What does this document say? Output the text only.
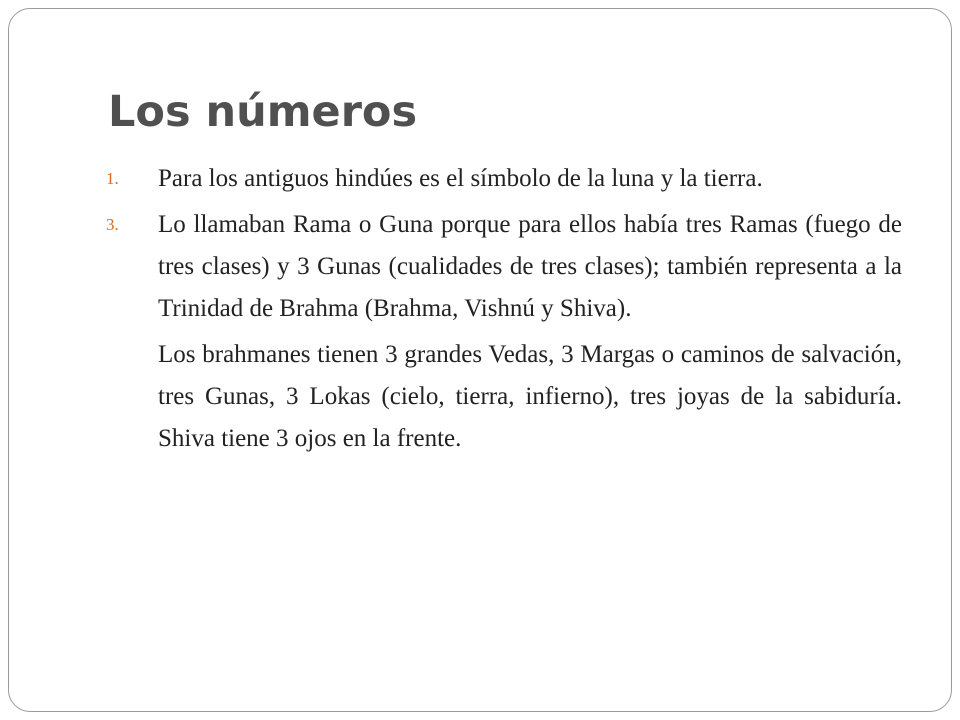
Los números
1. Para los antiguos hindúes es el símbolo de la luna y la tierra.
3. Lo llamaban Rama o Guna porque para ellos había tres Ramas (fuego de tres clases) y 3 Gunas (cualidades de tres clases); también representa a la Trinidad de Brahma (Brahma, Vishnú y Shiva).
Los brahmanes tienen 3 grandes Vedas, 3 Margas o caminos de salvación, tres Gunas, 3 Lokas (cielo, tierra, infierno), tres joyas de la sabiduría. Shiva tiene 3 ojos en la frente.
